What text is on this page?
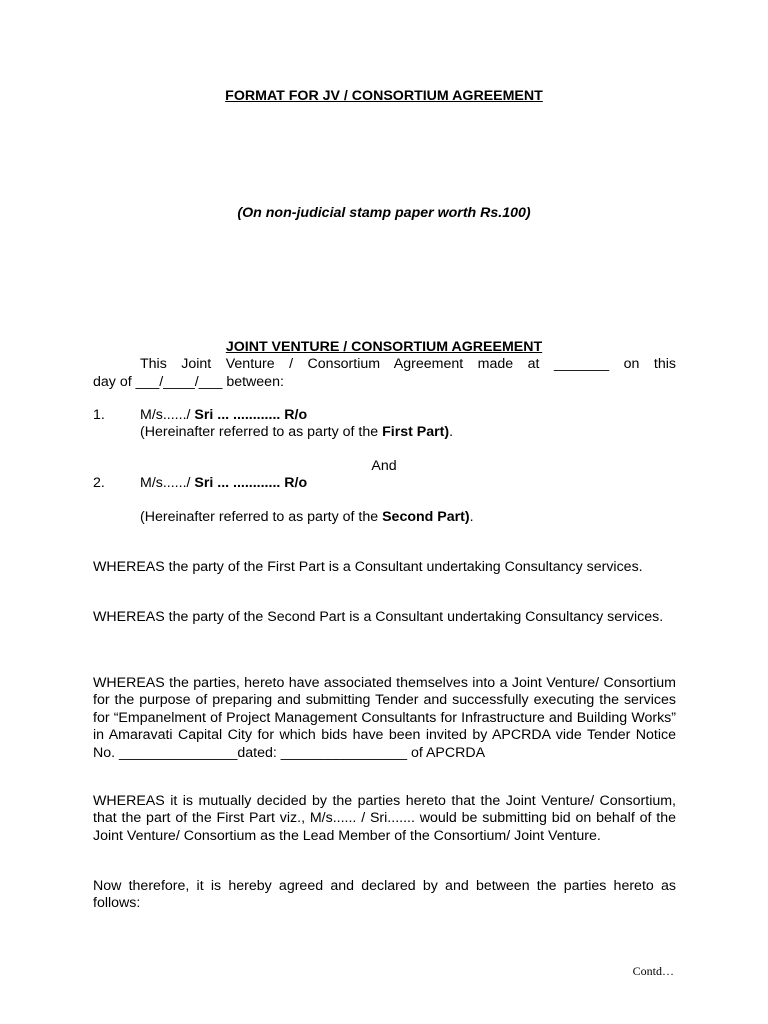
FORMAT FOR JV / CONSORTIUM AGREEMENT
(On non-judicial stamp paper worth Rs.100)
JOINT VENTURE / CONSORTIUM AGREEMENT
This Joint Venture / Consortium Agreement made at _______ on this
day of ___/____/___ between:
1. M/s....../ Sri ... ............ R/o
(Hereinafter referred to as party of the First Part).
And
2. M/s....../ Sri ... ............ R/o
(Hereinafter referred to as party of the Second Part).
WHEREAS the party of the First Part is a Consultant undertaking Consultancy services.
WHEREAS the party of the Second Part is a Consultant undertaking Consultancy services.
WHEREAS the parties, hereto have associated themselves into a Joint Venture/ Consortium for the purpose of preparing and submitting Tender and successfully executing the services for “Empanelment of Project Management Consultants for Infrastructure and Building Works” in Amaravati Capital City for which bids have been invited by APCRDA vide Tender Notice No. _______________dated: ________________ of APCRDA
WHEREAS it is mutually decided by the parties hereto that the Joint Venture/ Consortium, that the part of the First Part viz., M/s...... / Sri....... would be submitting bid on behalf of the Joint Venture/ Consortium as the Lead Member of the Consortium/ Joint Venture.
Now therefore, it is hereby agreed and declared by and between the parties hereto as follows:
Contd…
